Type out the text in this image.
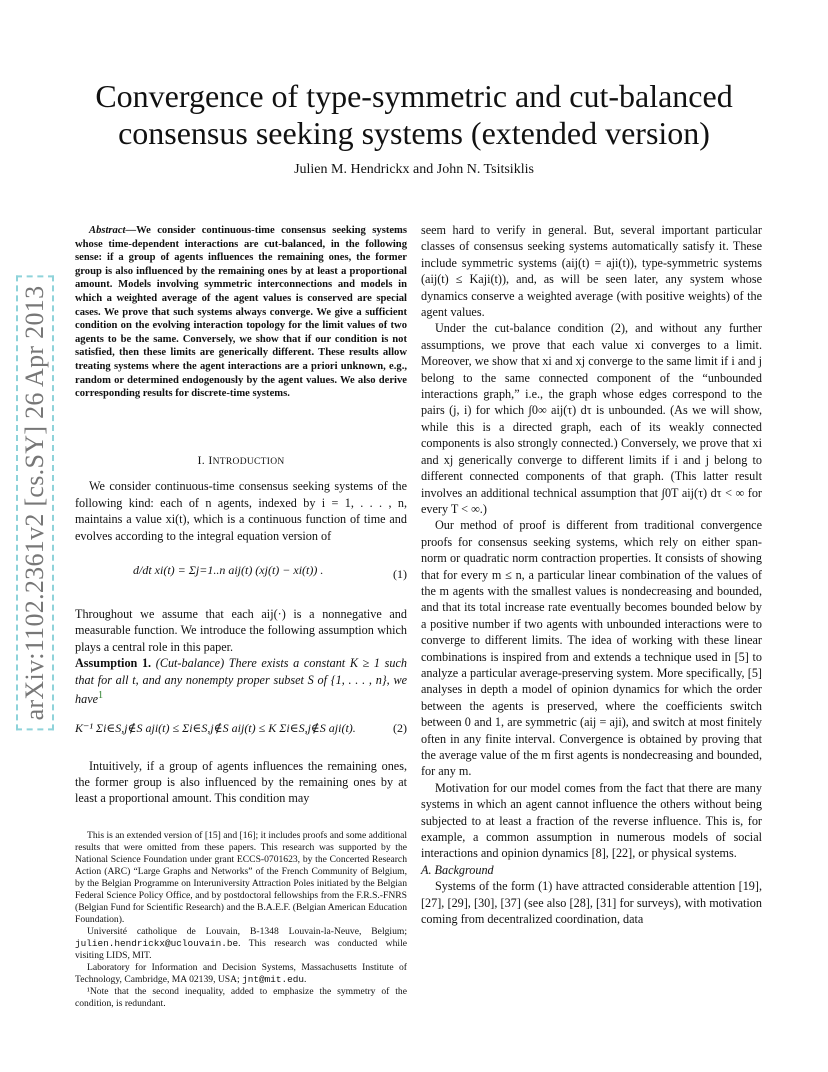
Convergence of type-symmetric and cut-balanced consensus seeking systems (extended version)
Julien M. Hendrickx and John N. Tsitsiklis
arXiv:1102.2361v2 [cs.SY] 26 Apr 2013

Abstract—We consider continuous-time consensus seeking systems whose time-dependent interactions are cut-balanced, in the following sense: if a group of agents influences the remaining ones, the former group is also influenced by the remaining ones by at least a proportional amount. Models involving symmetric interconnections and models in which a weighted average of the agent values is conserved are special cases. We prove that such systems always converge. We give a sufficient condition on the evolving interaction topology for the limit values of two agents to be the same. Conversely, we show that if our condition is not satisfied, then these limits are generically different. These results allow treating systems where the agent interactions are a priori unknown, e.g., random or determined endogenously by the agent values. We also derive corresponding results for discrete-time systems.

I. INTRODUCTION

We consider continuous-time consensus seeking systems of the following kind: each of n agents, indexed by i = 1, . . . , n, maintains a value xi(t), which is a continuous function of time and evolves according to the integral equation version of

d/dt xi(t) = Σj=1..n aij(t) (xj(t) − xi(t)) .	(1)

Throughout we assume that each aij(·) is a nonnegative and measurable function. We introduce the following assumption which plays a central role in this paper.

Assumption 1. (Cut-balance) There exists a constant K ≥ 1 such that for all t, and any nonempty proper subset S of {1, . . . , n}, we have$^1$

K⁻¹ Σi∈S,j∉S aji(t) ≤ Σi∈S,j∉S aij(t) ≤ K Σi∈S,j∉S aji(t).	(2)

Intuitively, if a group of agents influences the remaining ones, the former group is also influenced by the remaining ones by at least a proportional amount. This condition may

This is an extended version of [15] and [16]; it includes proofs and some additional results that were omitted from these papers. This research was supported by the National Science Foundation under grant ECCS-0701623, by the Concerted Research Action (ARC) “Large Graphs and Networks” of the French Community of Belgium, by the Belgian Programme on Interuniversity Attraction Poles initiated by the Belgian Federal Science Policy Office, and by postdoctoral fellowships from the F.R.S.-FNRS (Belgian Fund for Scientific Research) and the B.A.E.F. (Belgian American Education Foundation).

Université catholique de Louvain, B-1348 Louvain-la-Neuve, Belgium; julien.hendrickx@uclouvain.be. This research was conducted while visiting LIDS, MIT.

Laboratory for Information and Decision Systems, Massachusetts Institute of Technology, Cambridge, MA 02139, USA; jnt@mit.edu.

¹Note that the second inequality, added to emphasize the symmetry of the condition, is redundant.

seem hard to verify in general. But, several important particular classes of consensus seeking systems automatically satisfy it. These include symmetric systems (aij(t) = aji(t)), type-symmetric systems (aij(t) ≤ Kaji(t)), and, as will be seen later, any system whose dynamics conserve a weighted average (with positive weights) of the agent values.

Under the cut-balance condition (2), and without any further assumptions, we prove that each value xi converges to a limit. Moreover, we show that xi and xj converge to the same limit if i and j belong to the same connected component of the “unbounded interactions graph,” i.e., the graph whose edges correspond to the pairs (j, i) for which ∫0∞ aij(τ) dτ is unbounded. (As we will show, while this is a directed graph, each of its weakly connected components is also strongly connected.) Conversely, we prove that xi and xj generically converge to different limits if i and j belong to different connected components of that graph. (This latter result involves an additional technical assumption that ∫0T aij(τ) dτ < ∞ for every T < ∞.)

Our method of proof is different from traditional convergence proofs for consensus seeking systems, which rely on either span-norm or quadratic norm contraction properties. It consists of showing that for every m ≤ n, a particular linear combination of the values of the m agents with the smallest values is nondecreasing and bounded, and that its total increase rate eventually becomes bounded below by a positive number if two agents with unbounded interactions were to converge to different limits. The idea of working with these linear combinations is inspired from and extends a technique used in [5] to analyze a particular average-preserving system. More specifically, [5] analyses in depth a model of opinion dynamics for which the order between the agents is preserved, where the coefficients switch between 0 and 1, are symmetric (aij = aji), and switch at most finitely often in any finite interval. Convergence is obtained by proving that the average value of the m first agents is nondecreasing and bounded, for any m.

Motivation for our model comes from the fact that there are many systems in which an agent cannot influence the others without being subjected to at least a fraction of the reverse influence. This is, for example, a common assumption in numerous models of social interactions and opinion dynamics [8], [22], or physical systems.

A. Background

Systems of the form (1) have attracted considerable attention [19], [27], [29], [30], [37] (see also [28], [31] for surveys), with motivation coming from decentralized coordination, data
